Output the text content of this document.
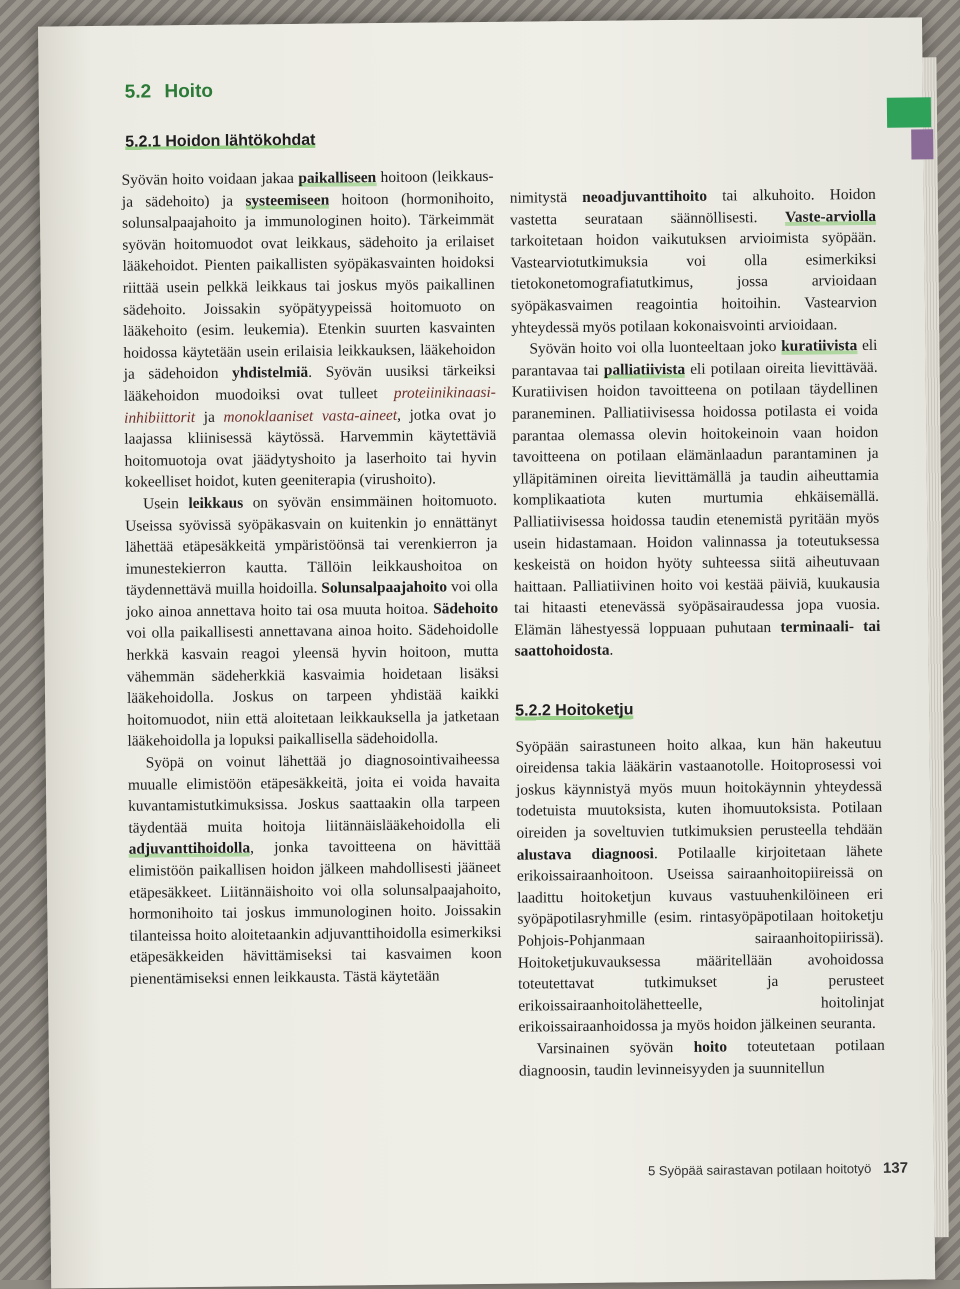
5.2 Hoito
5.2.1 Hoidon lähtökohdat

Syövän hoito voidaan jakaa paikalliseen hoitoon (leikkaus- ja sädehoito) ja systeemiseen hoitoon (hormonihoito, solunsalpaajahoito ja immunologinen hoito). Tärkeimmät syövän hoitomuodot ovat leikkaus, sädehoito ja erilaiset lääkehoidot. Pienten paikallisten syöpäkasvainten hoidoksi riittää usein pelkkä leikkaus tai joskus myös paikallinen sädehoito. Joissakin syöpätyypeissä hoitomuoto on lääkehoito (esim. leukemia). Etenkin suurten kasvainten hoidossa käytetään usein erilaisia leikkauksen, lääkehoidon ja sädehoidon yhdistelmiä. Syövän uusiksi tärkeiksi lääkehoidon muodoiksi ovat tulleet proteiinikinaasi-inhibiittorit ja monoklaaniset vasta-aineet, jotka ovat jo laajassa kliinisessä käytössä. Harvemmin käytettäviä hoitomuotoja ovat jäädytyshoito ja laserhoito tai hyvin kokeelliset hoidot, kuten geeniterapia (virushoito).

Usein leikkaus on syövän ensimmäinen hoitomuoto. Useissa syövissä syöpäkasvain on kuitenkin jo ennättänyt lähettää etäpesäkkeitä ympäristöönsä tai verenkierron ja imunestekierron kautta. Tällöin leikkaushoitoa on täydennettävä muilla hoidoilla. Solunsalpaajahoito voi olla joko ainoa annettava hoito tai osa muuta hoitoa. Sädehoito voi olla paikallisesti annettavana ainoa hoito. Sädehoidolle herkkä kasvain reagoi yleensä hyvin hoitoon, mutta vähemmän sädeherkkiä kasvaimia hoidetaan lisäksi lääkehoidolla. Joskus on tarpeen yhdistää kaikki hoitomuodot, niin että aloitetaan leikkauksella ja jatketaan lääkehoidolla ja lopuksi paikallisella sädehoidolla.

Syöpä on voinut lähettää jo diagnosointivaiheessa muualle elimistöön etäpesäkkeitä, joita ei voida havaita kuvantamistutkimuksissa. Joskus saattaakin olla tarpeen täydentää muita hoitoja liitännäislääkehoidolla eli adjuvanttihoidolla, jonka tavoitteena on hävittää elimistöön paikallisen hoidon jälkeen mahdollisesti jääneet etäpesäkkeet. Liitännäishoito voi olla solunsalpaajahoito, hormonihoito tai joskus immunologinen hoito. Joissakin tilanteissa hoito aloitetaankin adjuvanttihoidolla esimerkiksi etäpesäkkeiden hävittämiseksi tai kasvaimen koon pienentämiseksi ennen leikkausta. Tästä käytetään

nimitystä neoadjuvanttihoito tai alkuhoito. Hoidon vastetta seurataan säännöllisesti. Vaste-arviolla tarkoitetaan hoidon vaikutuksen arvioimista syöpään. Vastearviotutkimuksia voi olla esimerkiksi tietokonetomografiatutkimus, jossa arvioidaan syöpäkasvaimen reagointia hoitoihin. Vastearvion yhteydessä myös potilaan kokonaisvointi arvioidaan.

Syövän hoito voi olla luonteeltaan joko kuratiivista eli parantavaa tai palliatiivista eli potilaan oireita lievittävää. Kuratiivisen hoidon tavoitteena on potilaan täydellinen paraneminen. Palliatiivisessa hoidossa potilasta ei voida parantaa olemassa olevin hoitokeinoin vaan hoidon tavoitteena on potilaan elämänlaadun parantaminen ja ylläpitäminen oireita lievittämällä ja taudin aiheuttamia komplikaatiota kuten murtumia ehkäisemällä. Palliatiivisessa hoidossa taudin etenemistä pyritään myös usein hidastamaan. Hoidon valinnassa ja toteutuksessa keskeistä on hoidon hyöty suhteessa siitä aiheutuvaan haittaan. Palliatiivinen hoito voi kestää päiviä, kuukausia tai hitaasti etenevässä syöpäsairaudessa jopa vuosia. Elämän lähestyessä loppuaan puhutaan terminaali- tai saattohoidosta.

5.2.2 Hoitoketju

Syöpään sairastuneen hoito alkaa, kun hän hakeutuu oireidensa takia lääkärin vastaanotolle. Hoitoprosessi voi joskus käynnistyä myös muun hoitokäynnin yhteydessä todetuista muutoksista, kuten ihomuutoksista. Potilaan oireiden ja soveltuvien tutkimuksien perusteella tehdään alustava diagnoosi. Potilaalle kirjoitetaan lähete erikoissairaanhoitoon. Useissa sairaanhoitopiireissä on laadittu hoitoketjun kuvaus vastuuhenkilöineen eri syöpäpotilasryhmille (esim. rintasyöpäpotilaan hoitoketju Pohjois-Pohjanmaan sairaanhoitopiirissä). Hoitoketjukuvauksessa määritellään avohoidossa toteutettavat tutkimukset ja perusteet erikoissairaanhoitolähetteelle, hoitolinjat erikoissairaanhoidossa ja myös hoidon jälkeinen seuranta.

Varsinainen syövän hoito toteutetaan potilaan diagnoosin, taudin levinneisyyden ja suunnitellun

5 Syöpää sairastavan potilaan hoitotyö 137
